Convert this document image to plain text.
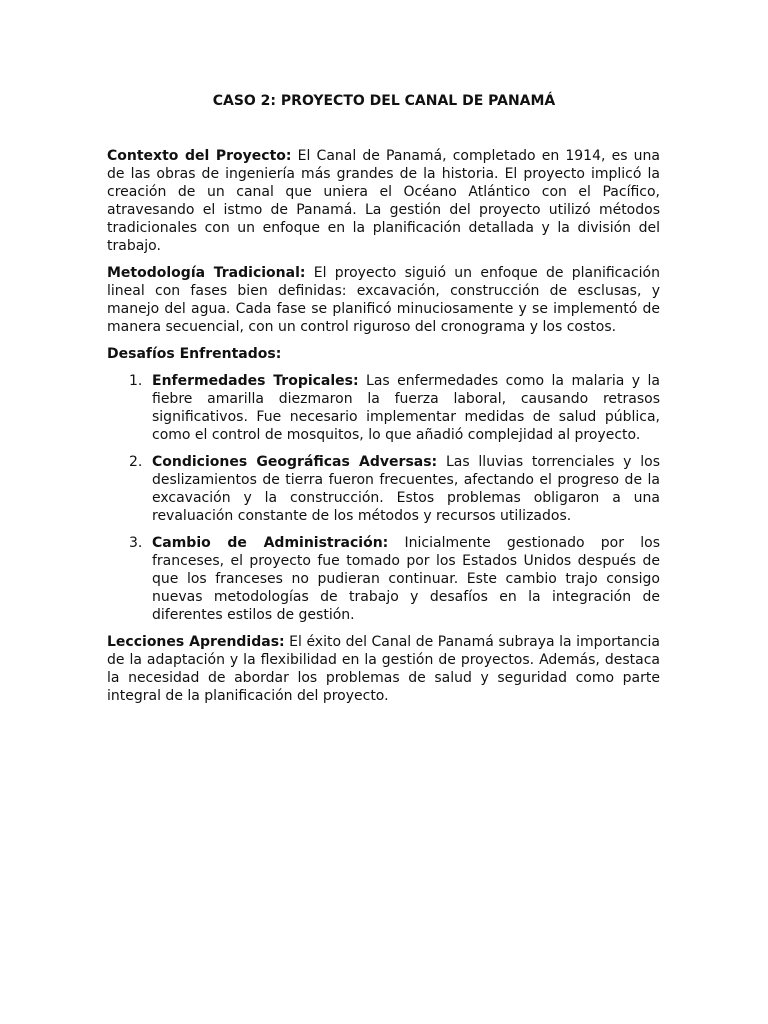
CASO 2: PROYECTO DEL CANAL DE PANAMÁ

Contexto del Proyecto: El Canal de Panamá, completado en 1914, es una de las obras de ingeniería más grandes de la historia. El proyecto implicó la creación de un canal que uniera el Océano Atlántico con el Pacífico, atravesando el istmo de Panamá. La gestión del proyecto utilizó métodos tradicionales con un enfoque en la planificación detallada y la división del trabajo.

Metodología Tradicional: El proyecto siguió un enfoque de planificación lineal con fases bien definidas: excavación, construcción de esclusas, y manejo del agua. Cada fase se planificó minuciosamente y se implementó de manera secuencial, con un control riguroso del cronograma y los costos.

Desafíos Enfrentados:
1. Enfermedades Tropicales: Las enfermedades como la malaria y la fiebre amarilla diezmaron la fuerza laboral, causando retrasos significativos. Fue necesario implementar medidas de salud pública, como el control de mosquitos, lo que añadió complejidad al proyecto.
2. Condiciones Geográficas Adversas: Las lluvias torrenciales y los deslizamientos de tierra fueron frecuentes, afectando el progreso de la excavación y la construcción. Estos problemas obligaron a una revaluación constante de los métodos y recursos utilizados.
3. Cambio de Administración: Inicialmente gestionado por los franceses, el proyecto fue tomado por los Estados Unidos después de que los franceses no pudieran continuar. Este cambio trajo consigo nuevas metodologías de trabajo y desafíos en la integración de diferentes estilos de gestión.

Lecciones Aprendidas: El éxito del Canal de Panamá subraya la importancia de la adaptación y la flexibilidad en la gestión de proyectos. Además, destaca la necesidad de abordar los problemas de salud y seguridad como parte integral de la planificación del proyecto.
